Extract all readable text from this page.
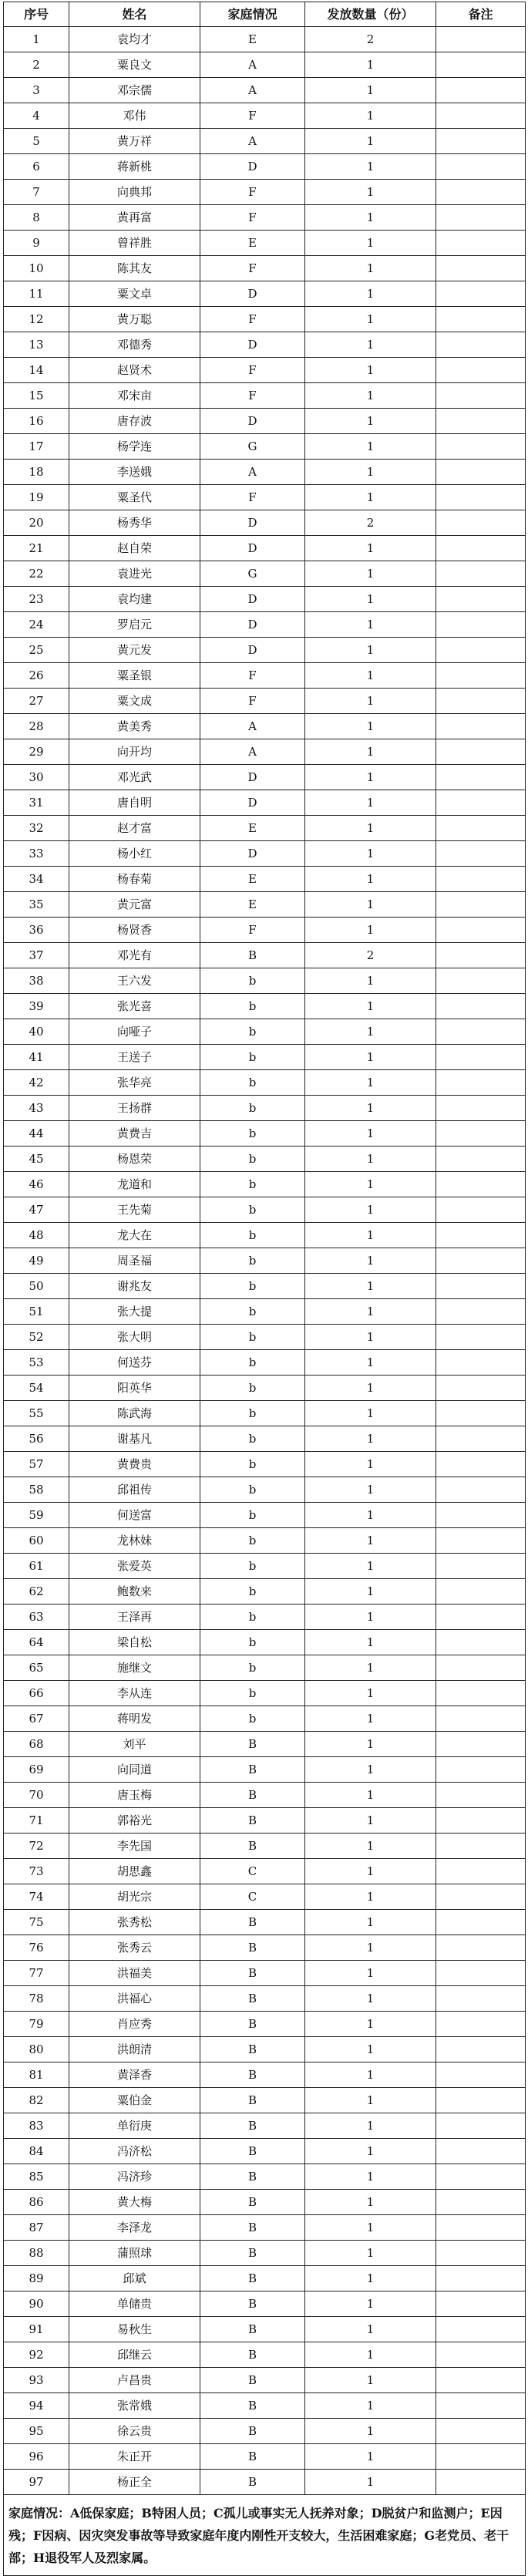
序号	姓名	家庭情况	发放数量（份）	备注
1	袁均才	E	2	
2	粟良文	A	1	
3	邓宗儒	A	1	
4	邓伟	F	1	
5	黄万祥	A	1	
6	蒋新桃	D	1	
7	向典邦	F	1	
8	黄再富	F	1	
9	曾祥胜	E	1	
10	陈其友	F	1	
11	粟文卓	D	1	
12	黄万聪	F	1	
13	邓德秀	D	1	
14	赵贤术	F	1	
15	邓宋亩	F	1	
16	唐存波	D	1	
17	杨学连	G	1	
18	李送娥	A	1	
19	粟圣代	F	1	
20	杨秀华	D	2	
21	赵自荣	D	1	
22	袁进光	G	1	
23	袁均建	D	1	
24	罗启元	D	1	
25	黄元发	D	1	
26	粟圣银	F	1	
27	粟文成	F	1	
28	黄美秀	A	1	
29	向开均	A	1	
30	邓光武	D	1	
31	唐自明	D	1	
32	赵才富	E	1	
33	杨小红	D	1	
34	杨春菊	E	1	
35	黄元富	E	1	
36	杨贤香	F	1	
37	邓光有	B	2	
38	王六发	b	1	
39	张光喜	b	1	
40	向哑子	b	1	
41	王送子	b	1	
42	张华亮	b	1	
43	王扬群	b	1	
44	黄费吉	b	1	
45	杨恩荣	b	1	
46	龙道和	b	1	
47	王先菊	b	1	
48	龙大在	b	1	
49	周圣福	b	1	
50	谢兆友	b	1	
51	张大提	b	1	
52	张大明	b	1	
53	何送芬	b	1	
54	阳英华	b	1	
55	陈武海	b	1	
56	谢基凡	b	1	
57	黄费贵	b	1	
58	邱祖传	b	1	
59	何送富	b	1	
60	龙林妹	b	1	
61	张爱英	b	1	
62	鲍数来	b	1	
63	王泽再	b	1	
64	梁自松	b	1	
65	施继文	b	1	
66	李从连	b	1	
67	蒋明发	b	1	
68	刘平	B	1	
69	向同道	B	1	
70	唐玉梅	B	1	
71	郭裕光	B	1	
72	李先国	B	1	
73	胡思鑫	C	1	
74	胡光宗	C	1	
75	张秀松	B	1	
76	张秀云	B	1	
77	洪福美	B	1	
78	洪福心	B	1	
79	肖应秀	B	1	
80	洪朗清	B	1	
81	黄泽香	B	1	
82	粟伯金	B	1	
83	单衍庚	B	1	
84	冯济松	B	1	
85	冯济珍	B	1	
86	黄大梅	B	1	
87	李泽龙	B	1	
88	蒲照球	B	1	
89	邱斌	B	1	
90	单储贵	B	1	
91	易秋生	B	1	
92	邱继云	B	1	
93	卢昌贵	B	1	
94	张常娥	B	1	
95	徐云贵	B	1	
96	朱正开	B	1	
97	杨正全	B	1	
家庭情况：A低保家庭；B特困人员；C孤儿或事实无人抚养对象；D脱贫户和监测户；E因残；F因病、因灾突发事故等导致家庭年度内刚性开支较大，生活困难家庭；G老党员、老干部；H退役军人及烈家属。				
